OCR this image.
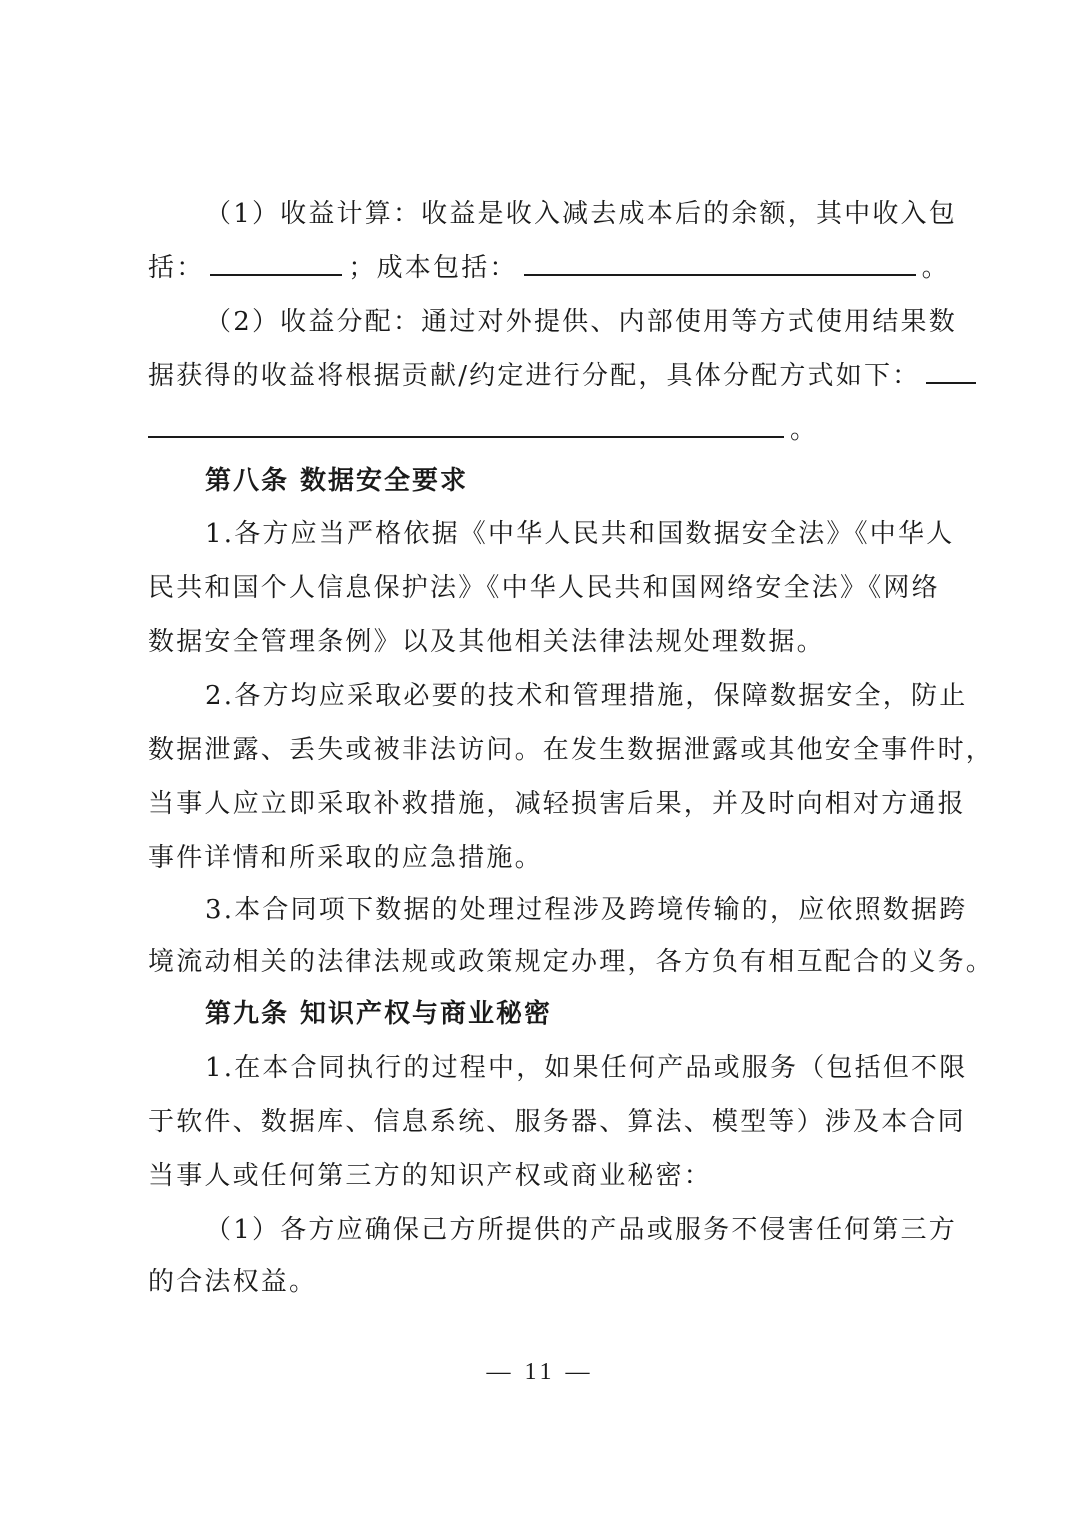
（1）收益计算：收益是收入减去成本后的余额，其中收入包
括：	；成本包括：	。
（2）收益分配：通过对外提供、内部使用等方式使用结果数
据获得的收益将根据贡献/约定进行分配，具体分配方式如下：
。
第八条 数据安全要求
1.各方应当严格依据《中华人民共和国数据安全法》《中华人
民共和国个人信息保护法》《中华人民共和国网络安全法》《网络
数据安全管理条例》以及其他相关法律法规处理数据。
2.各方均应采取必要的技术和管理措施，保障数据安全，防止
数据泄露、丢失或被非法访问。在发生数据泄露或其他安全事件时，
当事人应立即采取补救措施，减轻损害后果，并及时向相对方通报
事件详情和所采取的应急措施。
3.本合同项下数据的处理过程涉及跨境传输的，应依照数据跨
境流动相关的法律法规或政策规定办理，各方负有相互配合的义务。
第九条 知识产权与商业秘密
1.在本合同执行的过程中，如果任何产品或服务（包括但不限
于软件、数据库、信息系统、服务器、算法、模型等）涉及本合同
当事人或任何第三方的知识产权或商业秘密：
（1）各方应确保己方所提供的产品或服务不侵害任何第三方
的合法权益。
— 11 —
